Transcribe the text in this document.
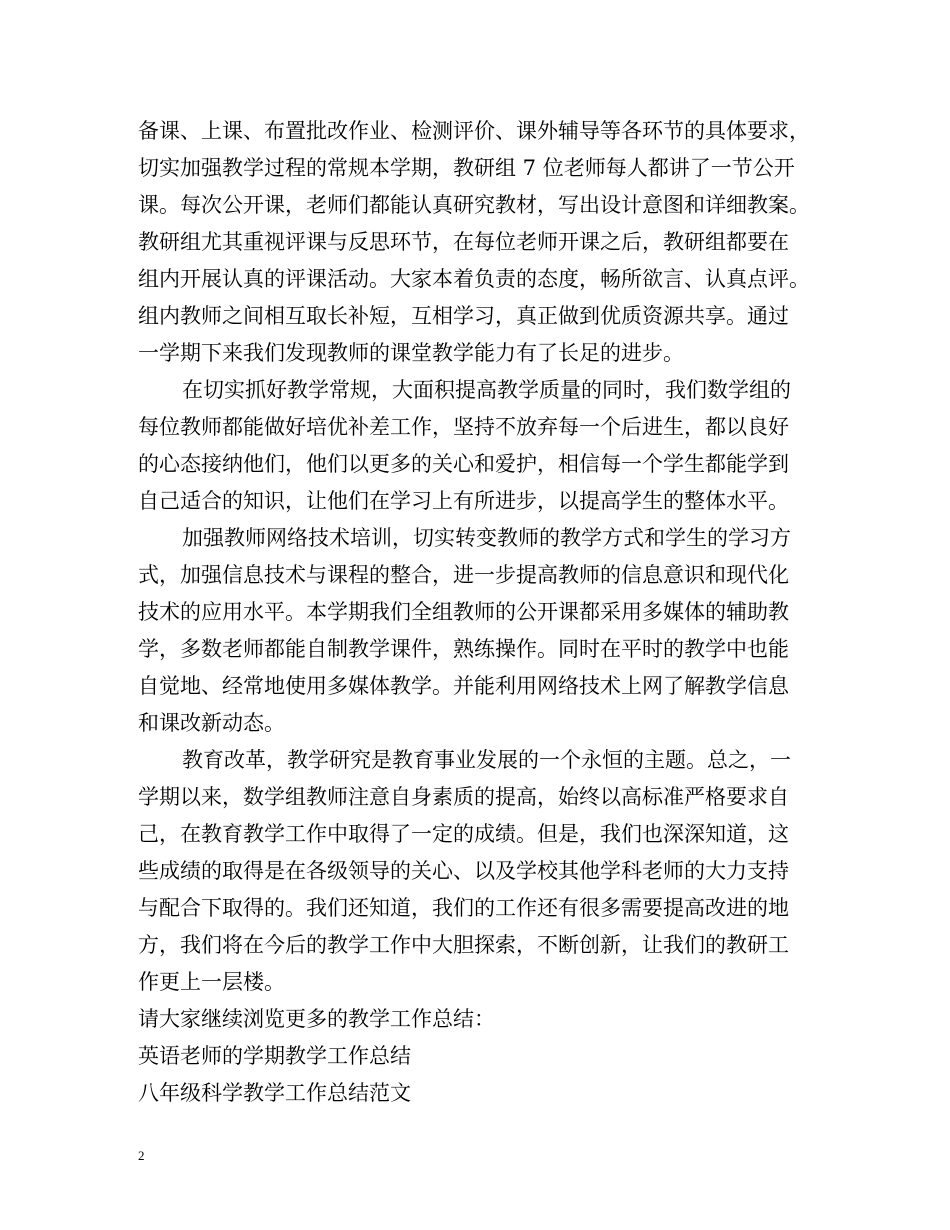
备课、上课、布置批改作业、检测评价、课外辅导等各环节的具体要求，

切实加强教学过程的常规本学期，教研组 7 位老师每人都讲了一节公开

课。每次公开课，老师们都能认真研究教材，写出设计意图和详细教案。

教研组尤其重视评课与反思环节，在每位老师开课之后，教研组都要在

组内开展认真的评课活动。大家本着负责的态度，畅所欲言、认真点评。

组内教师之间相互取长补短，互相学习，真正做到优质资源共享。通过

一学期下来我们发现教师的课堂教学能力有了长足的进步。

在切实抓好教学常规，大面积提高教学质量的同时，我们数学组的

每位教师都能做好培优补差工作，坚持不放弃每一个后进生，都以良好

的心态接纳他们，他们以更多的关心和爱护，相信每一个学生都能学到

自己适合的知识，让他们在学习上有所进步，以提高学生的整体水平。

加强教师网络技术培训，切实转变教师的教学方式和学生的学习方

式，加强信息技术与课程的整合，进一步提高教师的信息意识和现代化

技术的应用水平。本学期我们全组教师的公开课都采用多媒体的辅助教

学，多数老师都能自制教学课件，熟练操作。同时在平时的教学中也能

自觉地、经常地使用多媒体教学。并能利用网络技术上网了解教学信息

和课改新动态。

教育改革，教学研究是教育事业发展的一个永恒的主题。总之，一

学期以来，数学组教师注意自身素质的提高，始终以高标准严格要求自

己，在教育教学工作中取得了一定的成绩。但是，我们也深深知道，这

些成绩的取得是在各级领导的关心、以及学校其他学科老师的大力支持

与配合下取得的。我们还知道，我们的工作还有很多需要提高改进的地

方，我们将在今后的教学工作中大胆探索，不断创新，让我们的教研工

作更上一层楼。

请大家继续浏览更多的教学工作总结：

英语老师的学期教学工作总结

八年级科学教学工作总结范文

2
